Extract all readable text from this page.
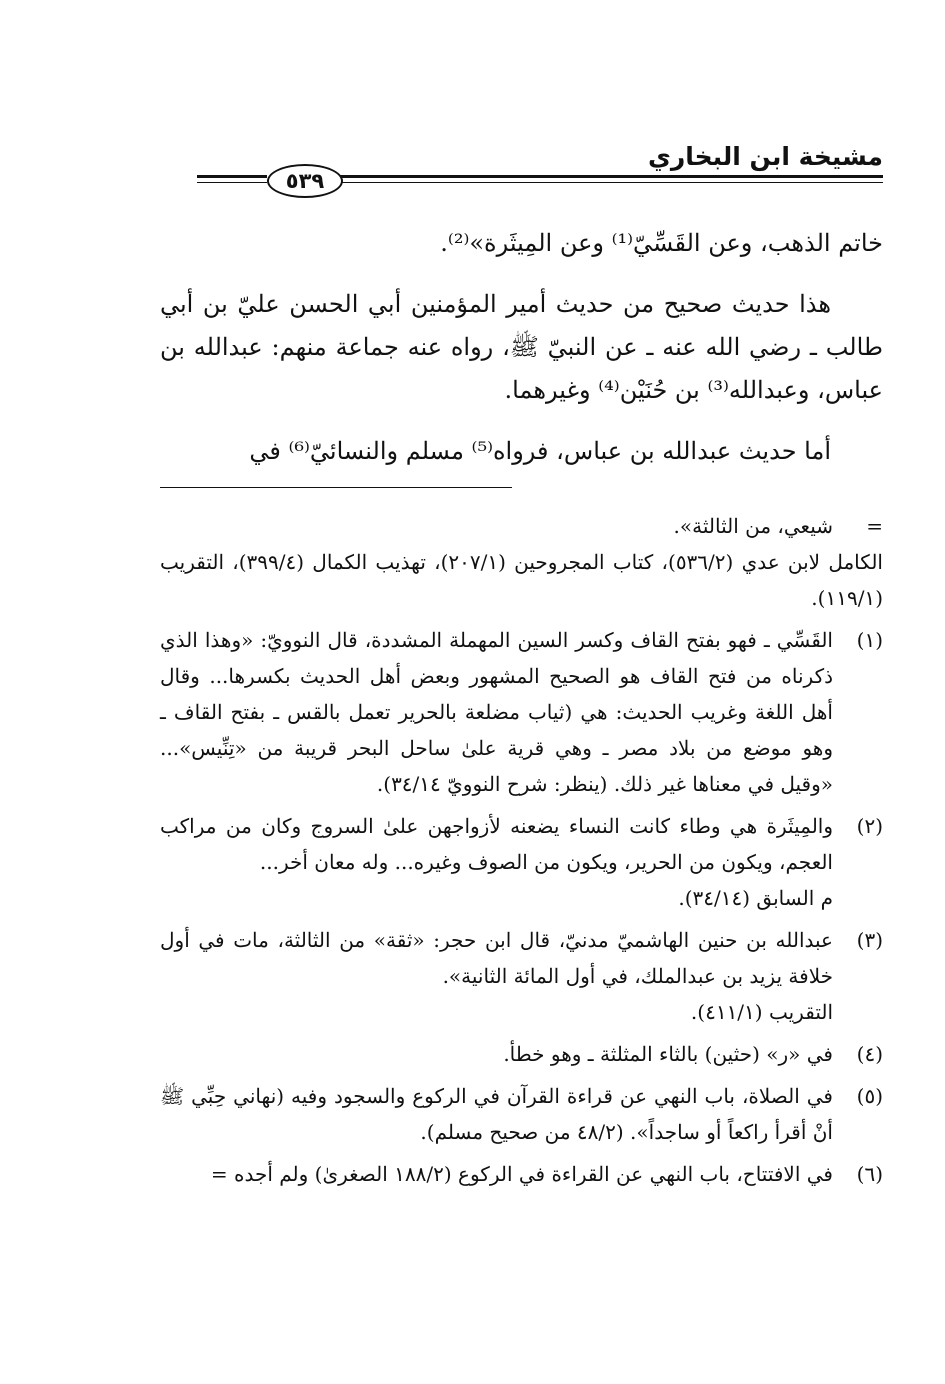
مشيخة ابن البخاري
٥٣٩

خاتم الذهب، وعن القَسِّيّ⁽¹⁾ وعن المِيثَرة»⁽²⁾.

هذا حديث صحيح من حديث أمير المؤمنين أبي الحسن عليّ بن أبي طالب ـ رضي الله عنه ـ عن النبيّ ﷺ، رواه عنه جماعة منهم: عبدالله بن عباس، وعبدالله⁽³⁾ بن حُنَيْن⁽⁴⁾ وغيرهما.

أما حديث عبدالله بن عباس، فرواه⁽⁵⁾ مسلم والنسائيّ⁽⁶⁾ في

=
شيعي، من الثالثة».
الكامل لابن عدي (٥٣٦/٢)، كتاب المجروحين (٢٠٧/١)، تهذيب الكمال (٣٩٩/٤)، التقريب (١١٩/١).
(١)
القَسِّي ـ فهو بفتح القاف وكسر السين المهملة المشددة، قال النوويّ: «وهذا الذي ذكرناه من فتح القاف هو الصحيح المشهور وبعض أهل الحديث بكسرها... وقال أهل اللغة وغريب الحديث: هي (ثياب مضلعة بالحرير تعمل بالقس ـ بفتح القاف ـ وهو موضع من بلاد مصر ـ وهي قرية علىٰ ساحل البحر قريبة من «تِنِّيس»... «وقيل في معناها غير ذلك. (ينظر: شرح النوويّ ٣٤/١٤).
(٢)
والمِيثَرة هي وطاء كانت النساء يضعنه لأزواجهن علىٰ السروج وكان من مراكب العجم، ويكون من الحرير، ويكون من الصوف وغيره... وله معان أخر...
م السابق (٣٤/١٤).
(٣)
عبدالله بن حنين الهاشميّ مدنيّ، قال ابن حجر: «ثقة» من الثالثة، مات في أول خلافة يزيد بن عبدالملك، في أول المائة الثانية».
التقريب (٤١١/١).
(٤)
في «ر» (حثين) بالثاء المثلثة ـ وهو خطأ.
(٥)
في الصلاة، باب النهي عن قراءة القرآن في الركوع والسجود وفيه (نهاني حِبِّي ﷺ أنْ أقرأ راكعاً أو ساجداً». (٤٨/٢ من صحيح مسلم).
(٦)
في الافتتاح، باب النهي عن القراءة في الركوع (١٨٨/٢ الصغرىٰ) ولم أجده =
